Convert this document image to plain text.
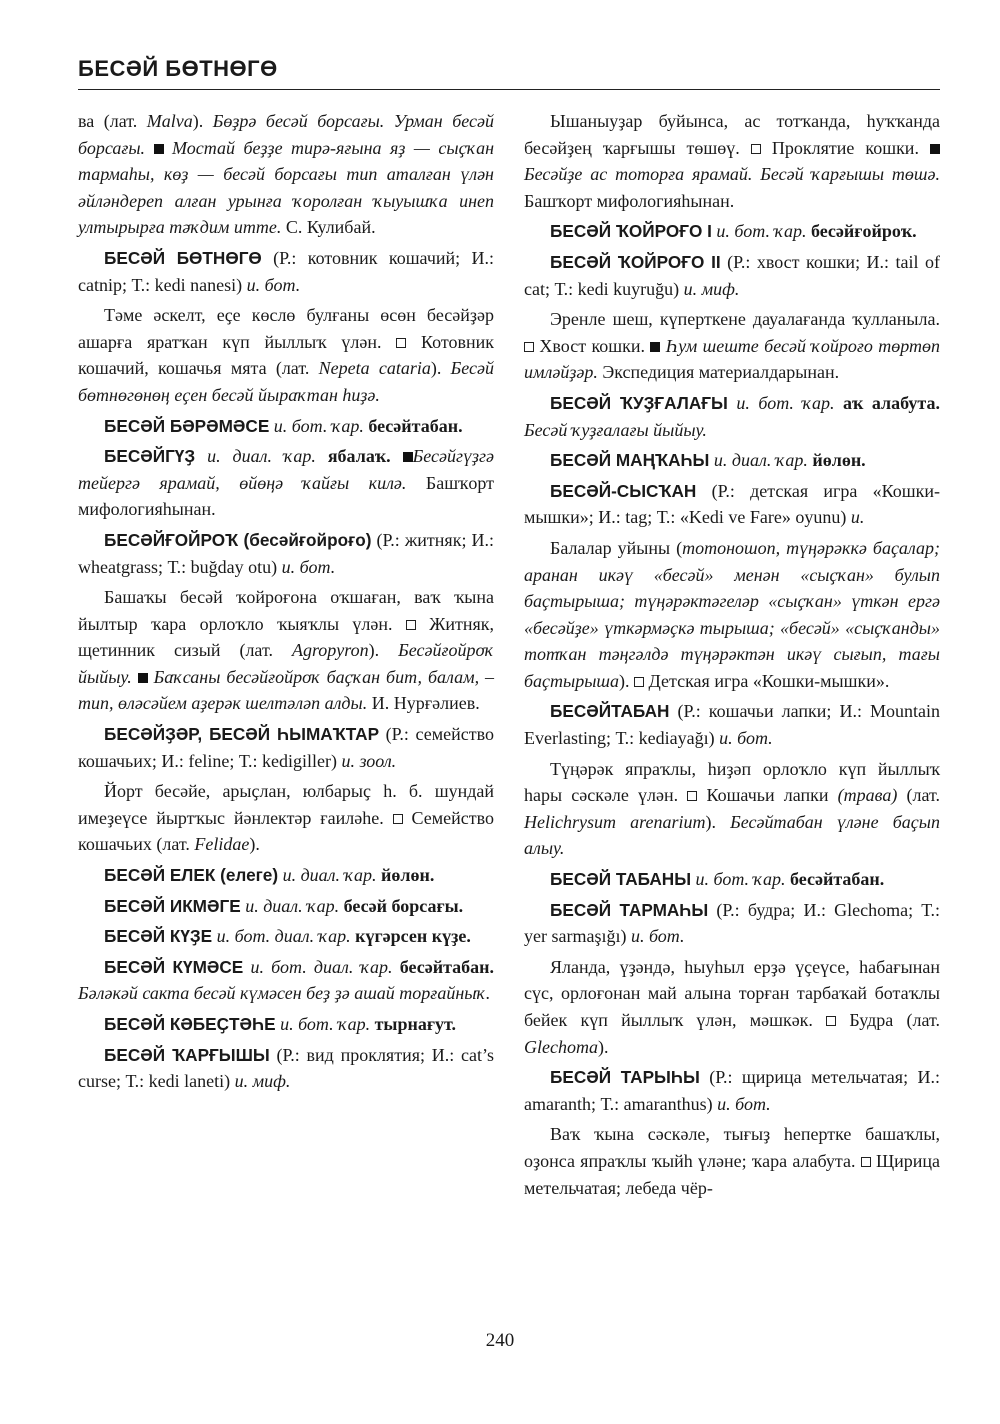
БЕСӘЙ БӨТНӨГӨ

ва (лат. Malva). Бөҙрә бесәй борсағы. Урман бесәй борсағы.  Мостай беҙҙе тирә-яғына яҙ — сыҫҡан тармаһы, көҙ — бесәй борсағы тип аталған үлән әйләндереп алған урынға ҡоролған ҡыуышҡа инеп ултырырға тәҡдим итте. С. Кулибай.

БЕСӘЙ БӨТНӨГӨ (Р.: котовник кошачий; И.: catnip; Т.: kedi nanesi) и. бот.

Тәме әскелт, еҫе көслө булғаны өсөн бесәйҙәр ашарға яратҡан күп йыллыҡ үлән.  Котовник кошачий, кошачья мята (лат. Nepeta cataria). Бесәй бөтнөгөнөң еҫен бесәй йыраҡтан һиҙә.

БЕСӘЙ БӘРӘМӘСЕ и. бот. ҡар. бесәйтабан.

БЕСӘЙГҮҘ и. диал. ҡар. ябалаҡ. Бесәйгүҙгә тейергә ярамай, өйөңә ҡайғы килә. Башҡорт мифологияһынан.

БЕСӘЙҒОЙРОҠ (бесәйғойроғо) (Р.: житняк; И.: wheatgrass; Т.: buğday otu) и. бот.

Башаҡы бесәй ҡойроғона оҡшаған, ваҡ ҡына йылтыр ҡара орлоҡло ҡыяҡлы үлән.  Житняк, щетинник сизый (лат. Agropyron). Бесәйғойроҡ йыйыу. Баҡсаны бесәйғойроҡ баҫҡан бит, балам, – тип, өләсәйем аҙерәк шелтәләп алды. И. Нурғәлиев.

БЕСӘЙҘӘР, БЕСӘЙ ҺЫМАҠТАР (Р.: семейство кошачьих; И.: feline; Т.: kedigiller) и. зоол.

Йорт бесәйе, арыҫлан, юлбарыҫ һ. б. шундай имеҙеүсе йыртҡыс йәнлектәр ғаиләһе.  Семейство кошачьих (лат. Felidae).

БЕСӘЙ ЕЛЕК (елеге) и. диал. ҡар. йөлөн.

БЕСӘЙ ИКМӘГЕ и. диал. ҡар. бесәй борсағы.

БЕСӘЙ КҮҘЕ и. бот. диал. ҡар. күгәрсен күҙе.

БЕСӘЙ КҮМӘСЕ и. бот. диал. ҡар. бесәйтабан. Бәләкәй сакта бесәй күмәсен беҙ ҙә ашай торғайныҡ.

БЕСӘЙ КӘБЕҪТӘҺЕ и. бот. ҡар. тырнағут.

БЕСӘЙ ҠАРҒЫШЫ (Р.: вид проклятия; И.: cat’s curse; Т.: kedi laneti) и. миф.

Ышаныуҙар буйынса, ас тотҡанда, һуҡҡанда бесәйҙең ҡарғышы төшөү.  Проклятие кошки.  Бесәйҙе ас тоторға ярамай. Бесәй ҡарғышы төшә. Башҡорт мифологияһынан.

БЕСӘЙ ҠОЙРОҒО I и. бот. ҡар. бесәйғойроҡ.

БЕСӘЙ ҠОЙРОҒО II (Р.: хвост кошки; И.: tail of cat; Т.: kedi kuyruğu) и. миф.

Эренле шеш, күперткене дауалағанда ҡулланыла.  Хвост кошки.  Һум шеште бесәй ҡойроғо төртөп имләйҙәр. Экспедиция материалдарынан.

БЕСӘЙ ҠУҘҒАЛАҒЫ и. бот. ҡар. аҡ алабута. Бесәй ҡуҙғалағы йыйыу.

БЕСӘЙ МАҢҠАҺЫ и. диал. ҡар. йөлөн.

БЕСӘЙ-СЫСҠАН (Р.: детская игра «Кошки-мышки»; И.: tag; Т.: «Kedi ve Fare» oyunu) и.

Балалар уйыны (тотоношоп, түңәрәккә баҫалар; аранан икәү «бесәй» менән «сыҫҡан» булып баҫтырыша; түңәрәктәгеләр «сыҫҡан» үткән ергә «бесәйҙе» үткәрмәҫкә тырыша; «бесәй» «сыҫҡанды» тотҡан тәңгәлдә түңәрәктән икәү сығып, тағы баҫтырыша).  Детская игра «Кошки-мышки».

БЕСӘЙТАБАН (Р.: кошачьи лапки; И.: Mountain Everlasting; Т.: kediayağı) и. бот.

Түңәрәк япраҡлы, һиҙәп орлоҡло күп йыллыҡ һары сәскәле үлән.  Кошачьи лапки (трава) (лат. Helichrysum arenarium). Бесәйтабан үләне баҫып алыу.

БЕСӘЙ ТАБАНЫ и. бот. ҡар. бесәйтабан.

БЕСӘЙ ТАРМАҺЫ (Р.: будра; И.: Glechoma; Т.: yer sarmaşığı) и. бот.

Яланда, үҙәндә, һыуһыл ерҙә үҫеүсе, һабағынан сүс, орлоғонан май алына торған тарбаҡай ботаҡлы бейек күп йыллыҡ үлән, мәшкәк.  Будра (лат. Glechoma).

БЕСӘЙ ТАРЫҺЫ (Р.: щирица метельчатая; И.: amaranth; Т.: amaranthus) и. бот.

Ваҡ ҡына сәскәле, тығыҙ һепертке башаҡлы, оҙонса япраҡлы ҡыйһ үләне; ҡара алабута.  Щирица метельчатая; лебеда чёр-

240
